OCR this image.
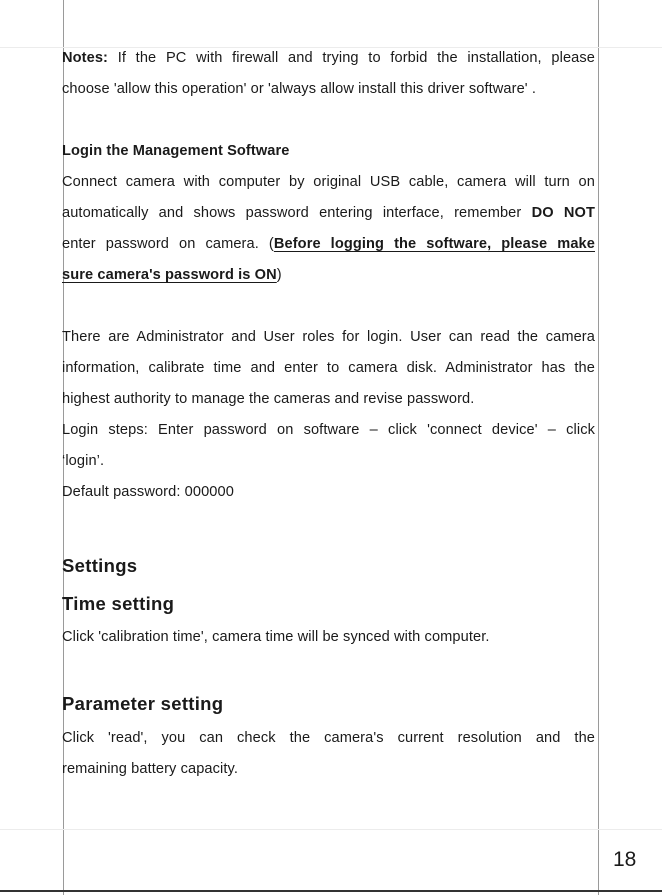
Notes: If the PC with firewall and trying to forbid the installation, please
choose 'allow this operation' or 'always allow install this driver software' .
Login the Management Software
Connect camera with computer by original USB cable, camera will turn on
automatically and shows password entering interface, remember DO NOT
enter password on camera. (Before logging the software, please make
sure camera's password is ON)
There are Administrator and User roles for login. User can read the camera
information, calibrate time and enter to camera disk. Administrator has the
highest authority to manage the cameras and revise password.
Login steps: Enter password on software – click 'connect device' – click
‘login’.
Default password: 000000
Settings
Time setting
Click 'calibration time', camera time will be synced with computer.
Parameter setting
Click 'read', you can check the camera's current resolution and the
remaining battery capacity.
18
